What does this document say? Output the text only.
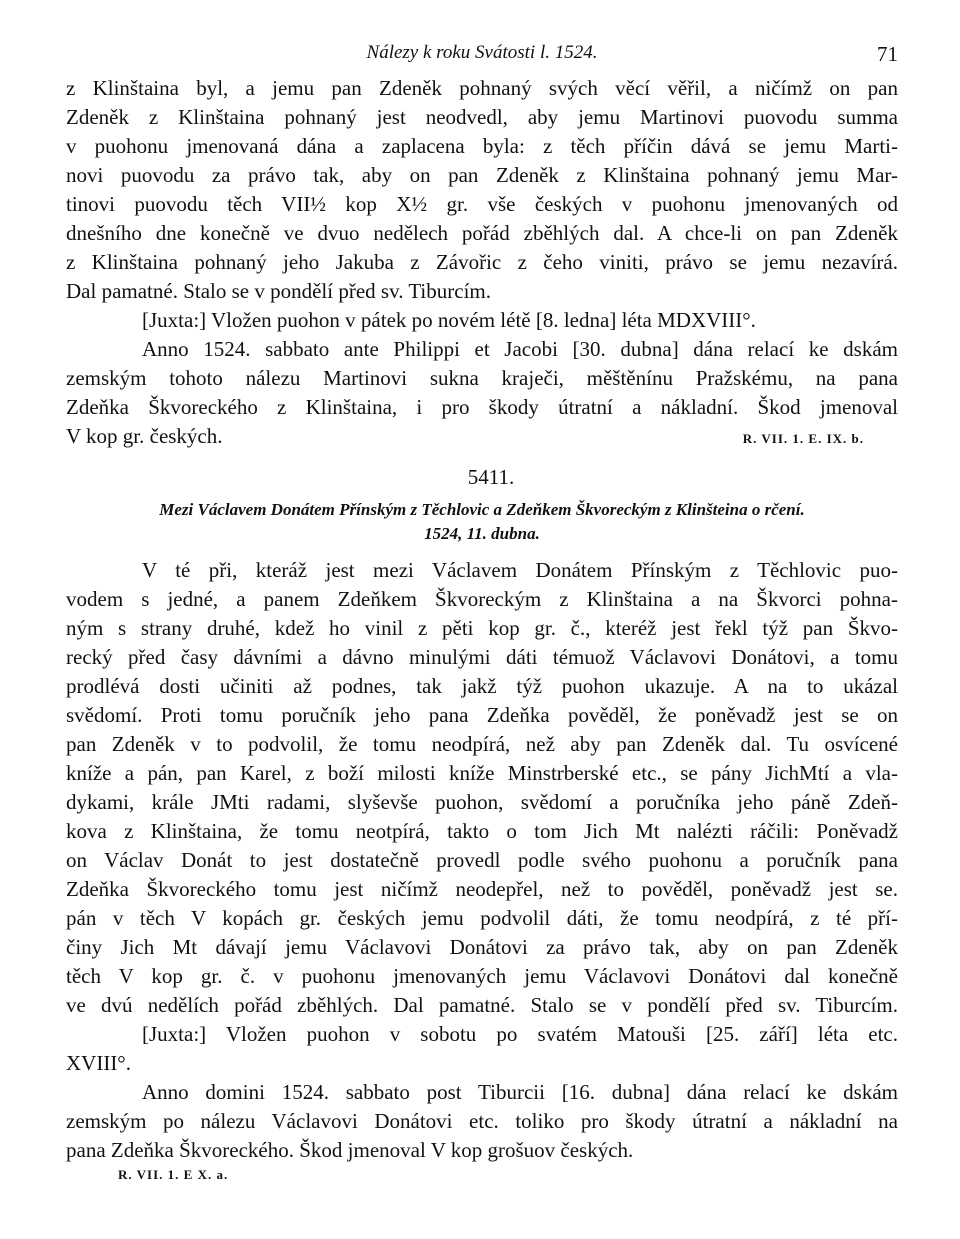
Nálezy k roku Svátosti l. 1524.	71
z Klinštaina byl, a jemu pan Zdeněk pohnaný svých věcí věřil, a ničímž on pan
Zdeněk z Klinštaina pohnaný jest neodvedl, aby jemu Martinovi puovodu summa
v puohonu jmenovaná dána a zaplacena byla: z těch příčin dává se jemu Marti-
novi puovodu za právo tak, aby on pan Zdeněk z Klinštaina pohnaný jemu Mar-
tinovi puovodu těch VII½ kop X½ gr. vše českých v puohonu jmenovaných od
dnešního dne konečně ve dvuo nedělech pořád zběhlých dal. A chce-li on pan Zdeněk
z Klinštaina pohnaný jeho Jakuba z Závořic z čeho viniti, právo se jemu nezavírá.
Dal pamatné. Stalo se v pondělí před sv. Tiburcím.
[Juxta:] Vložen puohon v pátek po novém létě [8. ledna] léta MDXVIII°.
Anno 1524. sabbato ante Philippi et Jacobi [30. dubna] dána relací ke dskám
zemským tohoto nálezu Martinovi sukna kraječi, měštěnínu Pražskému, na pana
Zdeňka Škvoreckého z Klinštaina, i pro škody útratní a nákladní. Škod jmenoval
V kop gr. českých.	R. VII. 1. E. IX. b.
5411.
Mezi Václavem Donátem Přínským z Těchlovic a Zdeňkem Škvoreckým z Klinšteina o rčení.
1524, 11. dubna.
V té při, kteráž jest mezi Václavem Donátem Přínským z Těchlovic puo-
vodem s jedné, a panem Zdeňkem Škvoreckým z Klinštaina a na Škvorci pohna-
ným s strany druhé, kdež ho vinil z pěti kop gr. č., kteréž jest řekl týž pan Škvo-
recký před časy dávními a dávno minulými dáti témuož Václavovi Donátovi, a tomu
prodlévá dosti učiniti až podnes, tak jakž týž puohon ukazuje. A na to ukázal
svědomí. Proti tomu poručník jeho pana Zdeňka pověděl, že poněvadž jest se on
pan Zdeněk v to podvolil, že tomu neodpírá, než aby pan Zdeněk dal. Tu osvícené
kníže a pán, pan Karel, z boží milosti kníže Minstrberské etc., se pány JichMtí a vla-
dykami, krále JMti radami, slyševše puohon, svědomí a poručníka jeho páně Zdeň-
kova z Klinštaina, že tomu neotpírá, takto o tom Jich Mt nalézti ráčili: Poněvadž
on Václav Donát to jest dostatečně provedl podle svého puohonu a poručník pana
Zdeňka Škvoreckého tomu jest ničímž neodepřel, než to pověděl, poněvadž jest se.
pán v těch V kopách gr. českých jemu podvolil dáti, že tomu neodpírá, z té pří-
činy Jich Mt dávají jemu Václavovi Donátovi za právo tak, aby on pan Zdeněk
těch V kop gr. č. v puohonu jmenovaných jemu Václavovi Donátovi dal konečně
ve dvú nedělích pořád zběhlých. Dal pamatné. Stalo se v pondělí před sv. Tiburcím.
[Juxta:] Vložen puohon v sobotu po svatém Matouši [25. září] léta etc.
XVIII°.
Anno domini 1524. sabbato post Tiburcii [16. dubna] dána relací ke dskám
zemským po nálezu Václavovi Donátovi etc. toliko pro škody útratní a nákladní na
pana Zdeňka Škvoreckého. Škod jmenoval V kop grošuov českých.
R. VII. 1. E X. a.
